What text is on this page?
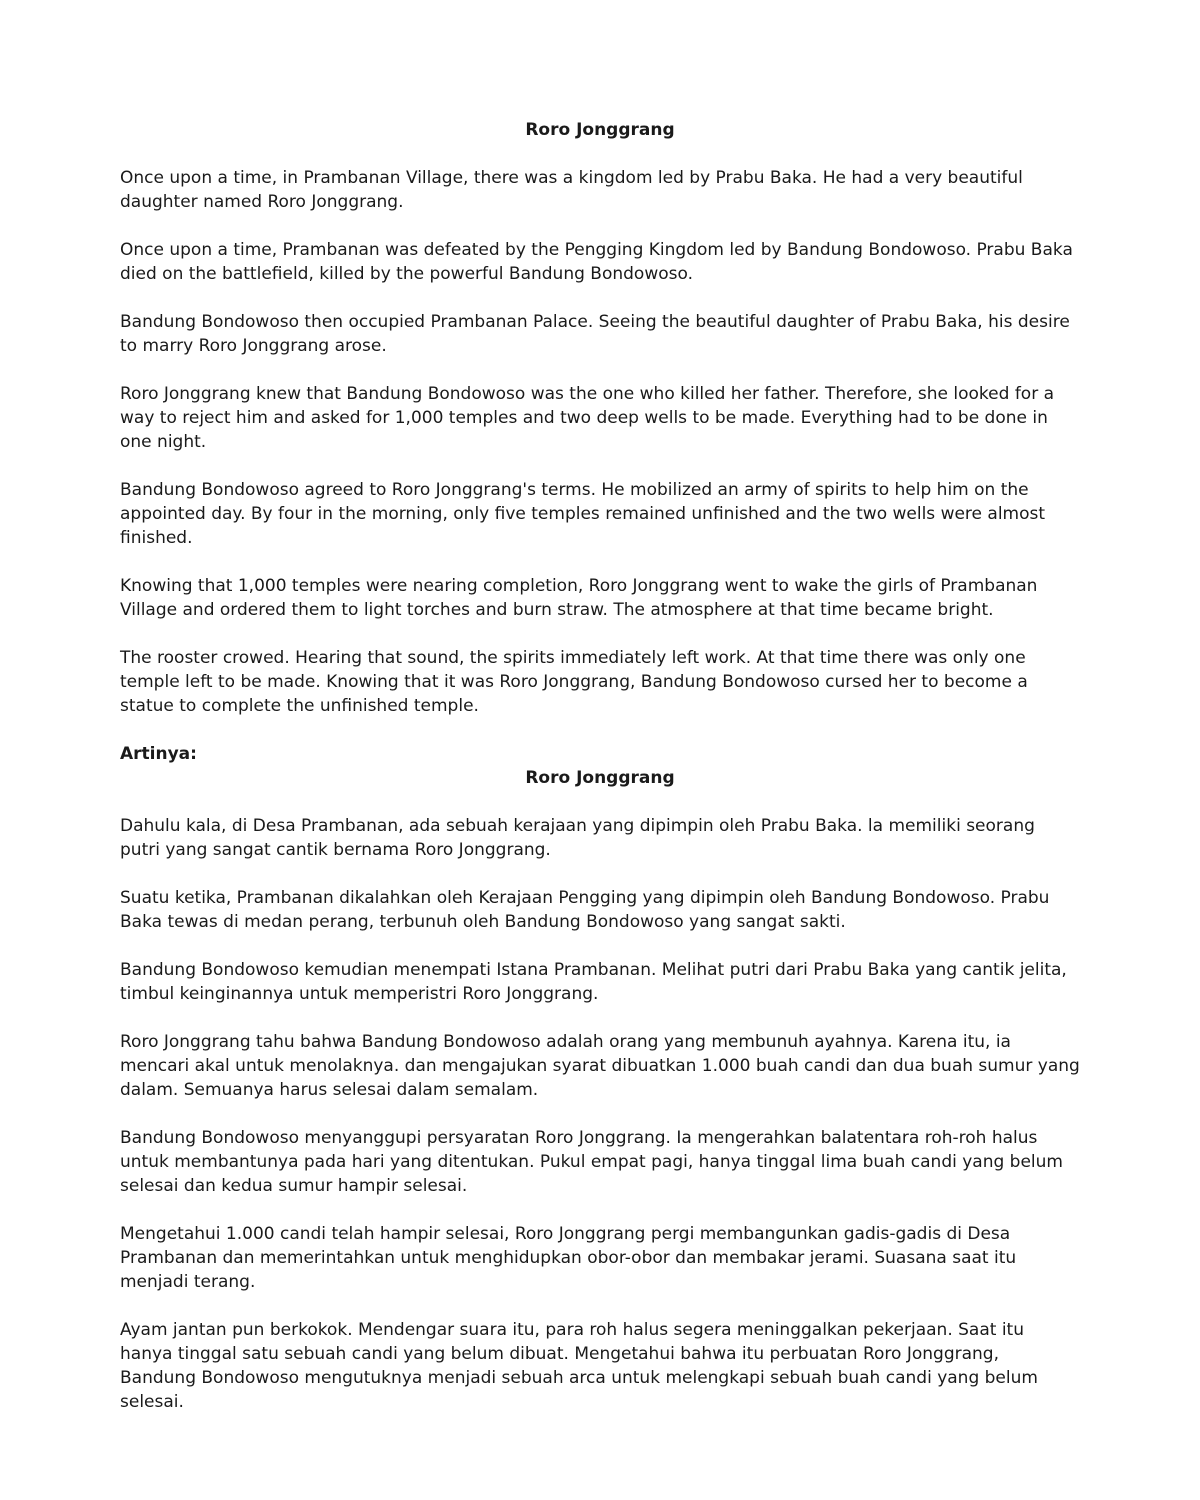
Roro Jonggrang

Once upon a time, in Prambanan Village, there was a kingdom led by Prabu Baka. He had a very beautiful daughter named Roro Jonggrang.

Once upon a time, Prambanan was defeated by the Pengging Kingdom led by Bandung Bondowoso. Prabu Baka died on the battlefield, killed by the powerful Bandung Bondowoso.

Bandung Bondowoso then occupied Prambanan Palace. Seeing the beautiful daughter of Prabu Baka, his desire to marry Roro Jonggrang arose.

Roro Jonggrang knew that Bandung Bondowoso was the one who killed her father. Therefore, she looked for a way to reject him and asked for 1,000 temples and two deep wells to be made. Everything had to be done in one night.

Bandung Bondowoso agreed to Roro Jonggrang's terms. He mobilized an army of spirits to help him on the appointed day. By four in the morning, only five temples remained unfinished and the two wells were almost finished.

Knowing that 1,000 temples were nearing completion, Roro Jonggrang went to wake the girls of Prambanan Village and ordered them to light torches and burn straw. The atmosphere at that time became bright.

The rooster crowed. Hearing that sound, the spirits immediately left work. At that time there was only one temple left to be made. Knowing that it was Roro Jonggrang, Bandung Bondowoso cursed her to become a statue to complete the unfinished temple.

Artinya:

Roro Jonggrang

Dahulu kala, di Desa Prambanan, ada sebuah kerajaan yang dipimpin oleh Prabu Baka. la memiliki seorang putri yang sangat cantik bernama Roro Jonggrang.

Suatu ketika, Prambanan dikalahkan oleh Kerajaan Pengging yang dipimpin oleh Bandung Bondowoso. Prabu Baka tewas di medan perang, terbunuh oleh Bandung Bondowoso yang sangat sakti.

Bandung Bondowoso kemudian menempati Istana Prambanan. Melihat putri dari Prabu Baka yang cantik jelita, timbul keinginannya untuk memperistri Roro Jonggrang.

Roro Jonggrang tahu bahwa Bandung Bondowoso adalah orang yang membunuh ayahnya. Karena itu, ia mencari akal untuk menolaknya. dan mengajukan syarat dibuatkan 1.000 buah candi dan dua buah sumur yang dalam. Semuanya harus selesai dalam semalam.

Bandung Bondowoso menyanggupi persyaratan Roro Jonggrang. Ia mengerahkan balatentara roh-roh halus untuk membantunya pada hari yang ditentukan. Pukul empat pagi, hanya tinggal lima buah candi yang belum selesai dan kedua sumur hampir selesai.

Mengetahui 1.000 candi telah hampir selesai, Roro Jonggrang pergi membangunkan gadis-gadis di Desa Prambanan dan memerintahkan untuk menghidupkan obor-obor dan membakar jerami. Suasana saat itu menjadi terang.

Ayam jantan pun berkokok. Mendengar suara itu, para roh halus segera meninggalkan pekerjaan. Saat itu hanya tinggal satu sebuah candi yang belum dibuat. Mengetahui bahwa itu perbuatan Roro Jonggrang, Bandung Bondowoso mengutuknya menjadi sebuah arca untuk melengkapi sebuah buah candi yang belum selesai.
